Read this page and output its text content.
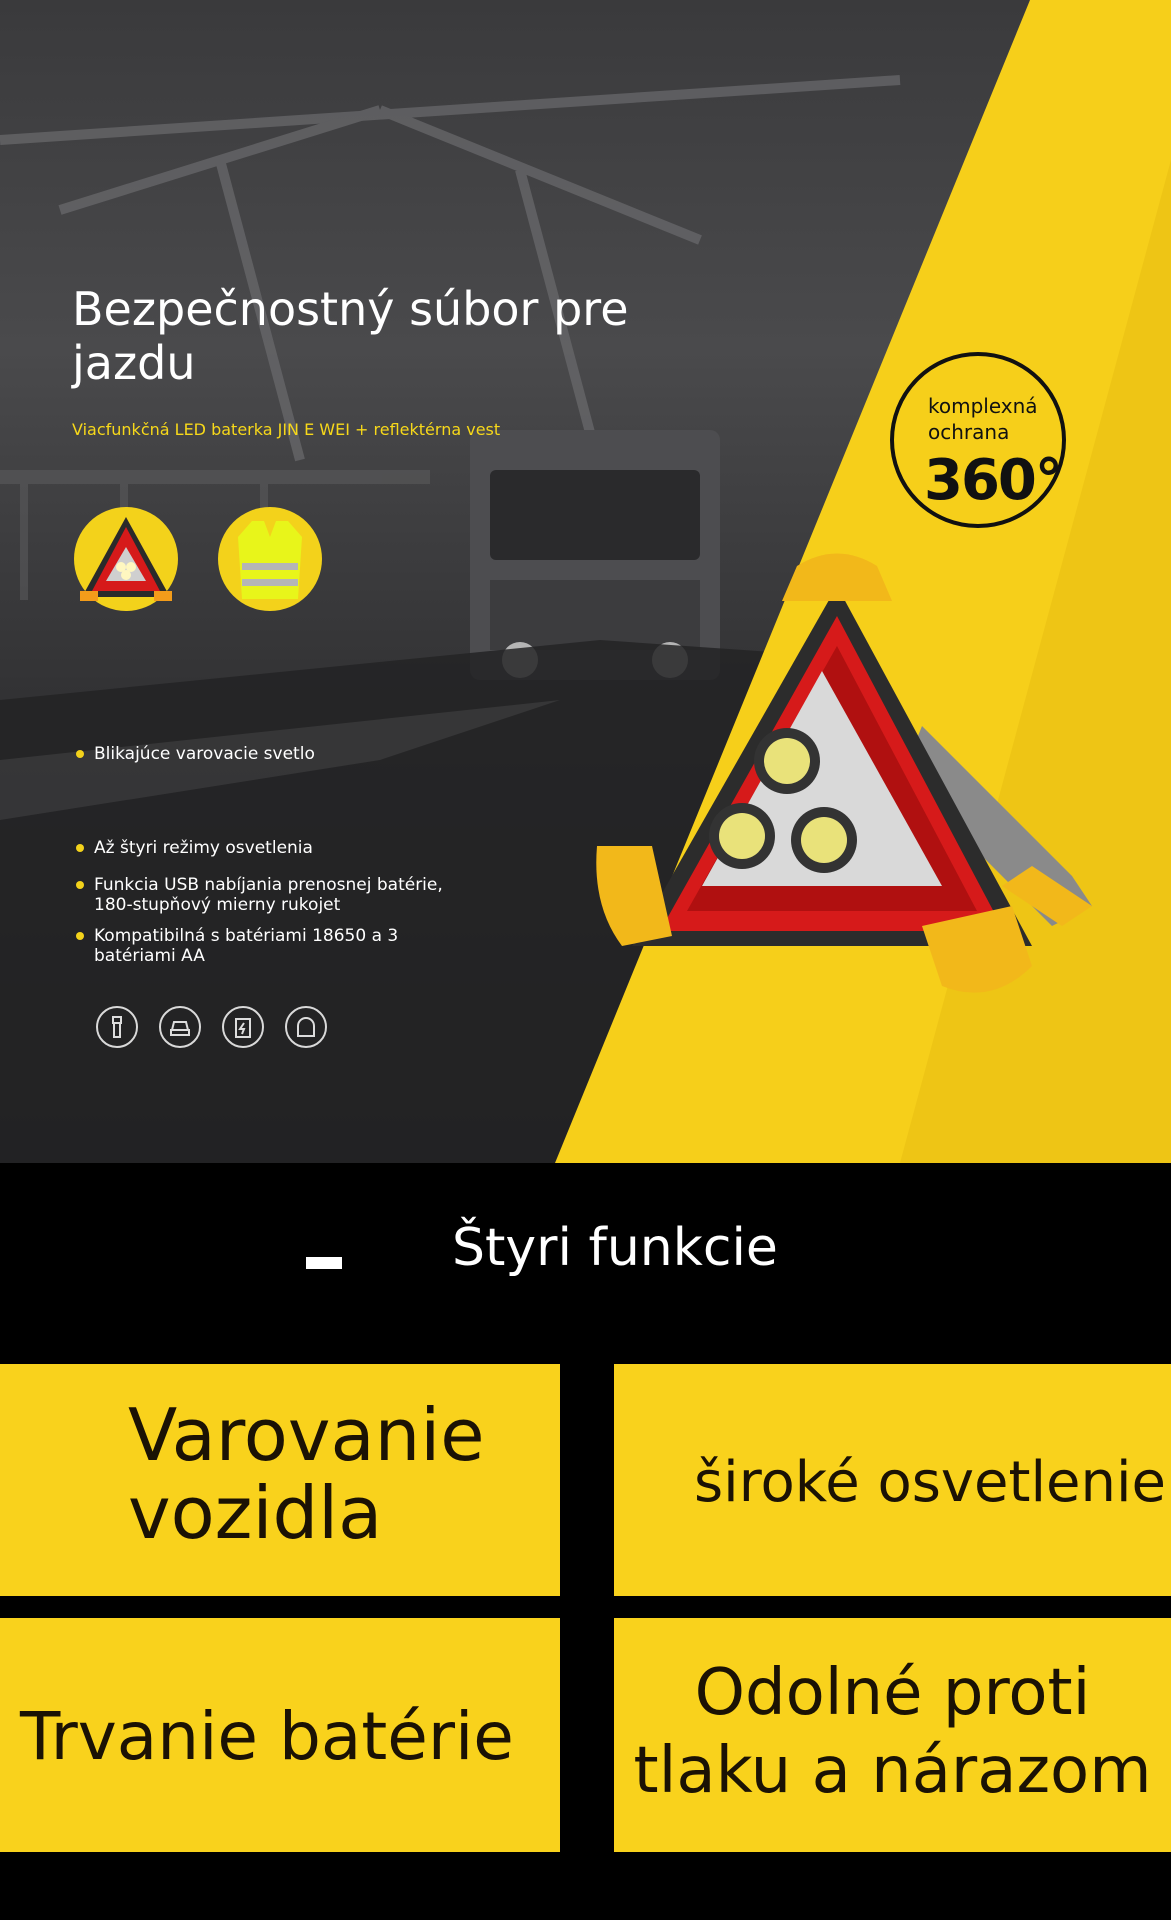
Bezpečnostný súbor pre jazdu
Viacfunkčná LED baterka JIN E WEI + reflektérna vest
komplexná
ochrana
360°
Blikajúce varovacie svetlo
Až štyri režimy osvetlenia
Funkcia USB nabíjania prenosnej batérie, 180-stupňový mierny rukojet
Kompatibilná s batériami 18650 a 3 batériami AA
Štyri funkcie
Varovanie vozidla	široké osvetlenie
Trvanie batérie
Odolné proti tlaku a nárazom
